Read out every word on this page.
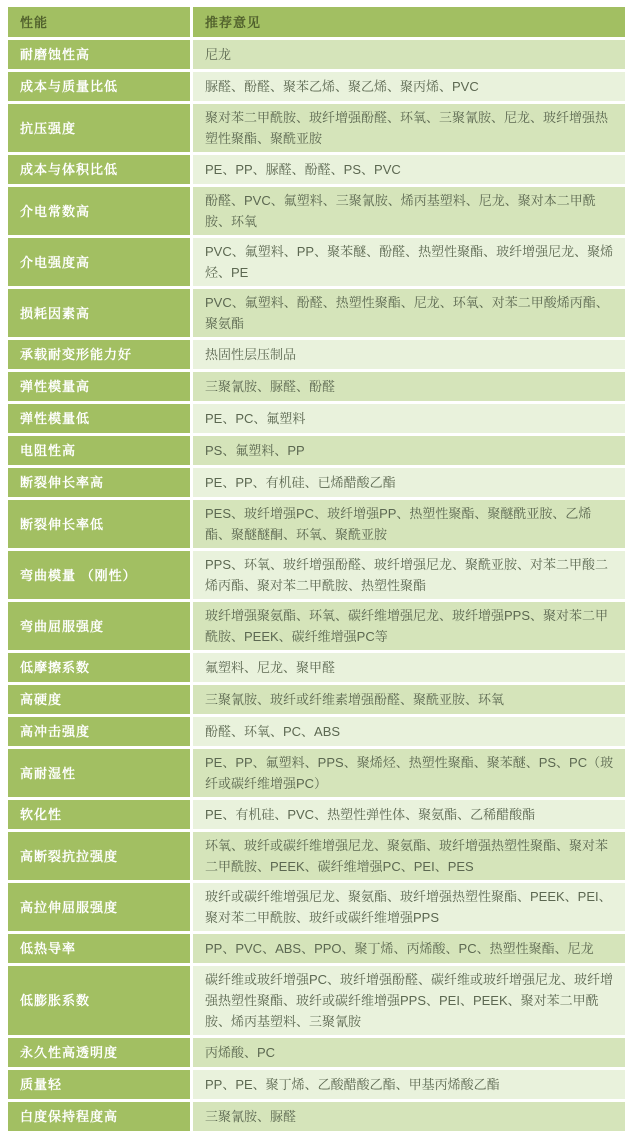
性能	推荐意见
耐磨蚀性高	尼龙
成本与质量比低	脲醛、酚醛、聚苯乙烯、聚乙烯、聚丙烯、PVC
抗压强度	聚对苯二甲酰胺、玻纤增强酚醛、环氧、三聚氰胺、尼龙、玻纤增强热塑性聚酯、聚酰亚胺
成本与体积比低	PE、PP、脲醛、酚醛、PS、PVC
介电常数高	酚醛、PVC、氟塑料、三聚氰胺、烯丙基塑料、尼龙、聚对本二甲酰胺、环氧
介电强度高	PVC、氟塑料、PP、聚苯醚、酚醛、热塑性聚酯、玻纤增强尼龙、聚烯烃、PE
损耗因素高	PVC、氟塑料、酚醛、热塑性聚酯、尼龙、环氧、对苯二甲酸烯丙酯、聚氨酯
承载耐变形能力好	热固性层压制品
弹性模量高	三聚氰胺、脲醛、酚醛
弹性模量低	PE、PC、氟塑料
电阻性高	PS、氟塑料、PP
断裂伸长率高	PE、PP、有机硅、已烯醋酸乙酯
断裂伸长率低	PES、玻纤增强PC、玻纤增强PP、热塑性聚酯、聚醚酰亚胺、乙烯酯、聚醚醚酮、环氧、聚酰亚胺
弯曲模量 （刚性）	PPS、环氧、玻纤增强酚醛、玻纤增强尼龙、聚酰亚胺、对苯二甲酸二烯丙酯、聚对苯二甲酰胺、热塑性聚酯
弯曲屈服强度	玻纤增强聚氨酯、环氧、碳纤维增强尼龙、玻纤增强PPS、聚对苯二甲酰胺、PEEK、碳纤维增强PC等
低摩擦系数	氟塑料、尼龙、聚甲醛
高硬度	三聚氰胺、玻纤或纤维素增强酚醛、聚酰亚胺、环氧
高冲击强度	酚醛、环氧、PC、ABS
高耐湿性	PE、PP、氟塑料、PPS、聚烯烃、热塑性聚酯、聚苯醚、PS、PC（玻纤或碳纤维增强PC）
软化性	PE、有机硅、PVC、热塑性弹性体、聚氨酯、乙稀醋酸酯
高断裂抗拉强度	环氧、玻纤或碳纤维增强尼龙、聚氨酯、玻纤增强热塑性聚酯、聚对苯二甲酰胺、PEEK、碳纤维增强PC、PEI、PES
高拉伸屈服强度	玻纤或碳纤维增强尼龙、聚氨酯、玻纤增强热塑性聚酯、PEEK、PEI、聚对苯二甲酰胺、玻纤或碳纤维增强PPS
低热导率	PP、PVC、ABS、PPO、聚丁烯、丙烯酸、PC、热塑性聚酯、尼龙
低膨胀系数	碳纤维或玻纤增强PC、玻纤增强酚醛、碳纤维或玻纤增强尼龙、玻纤增强热塑性聚酯、玻纤或碳纤维增强PPS、PEI、PEEK、聚对苯二甲酰胺、烯丙基塑料、三聚氰胺
永久性高透明度	丙烯酸、PC
质量轻	PP、PE、聚丁烯、乙酸醋酸乙酯、甲基丙烯酸乙酯
白度保持程度高	三聚氰胺、脲醛
